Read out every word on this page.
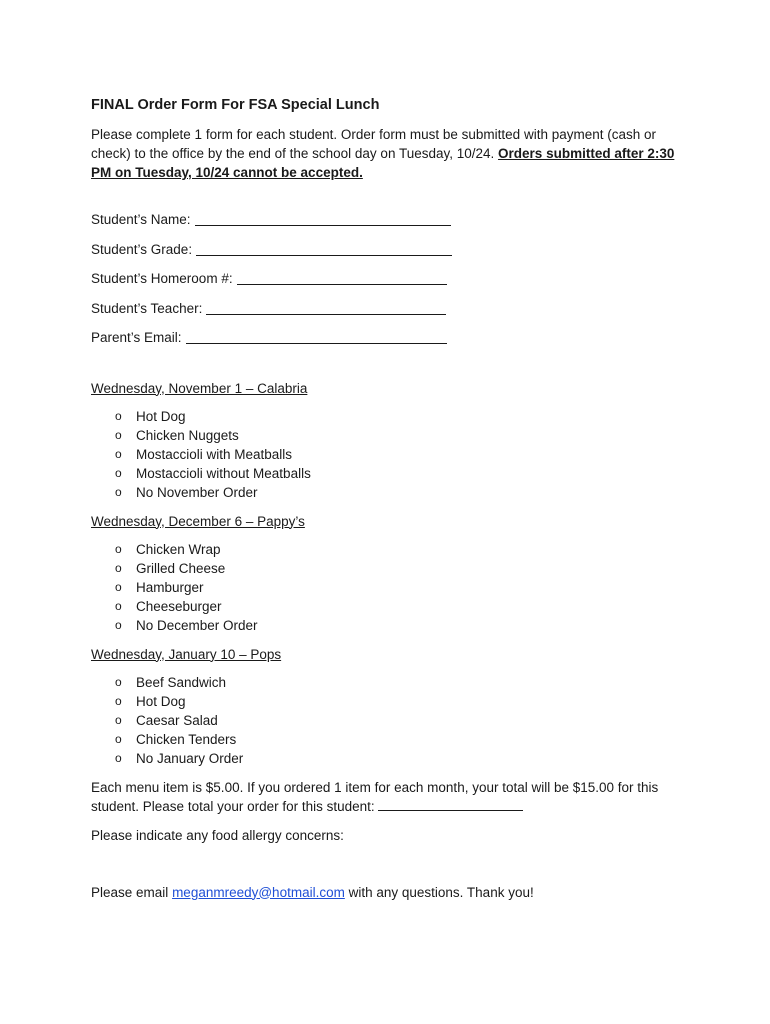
FINAL Order Form For FSA Special Lunch
Please complete 1 form for each student. Order form must be submitted with payment (cash or check) to the office by the end of the school day on Tuesday, 10/24. Orders submitted after 2:30 PM on Tuesday, 10/24 cannot be accepted.
Student’s Name:
Student’s Grade:
Student’s Homeroom #:
Student’s Teacher:
Parent’s Email:
Wednesday, November 1 – Calabria
o	Hot Dog
o	Chicken Nuggets
o	Mostaccioli with Meatballs
o	Mostaccioli without Meatballs
o	No November Order
Wednesday, December 6 – Pappy’s
o	Chicken Wrap
o	Grilled Cheese
o	Hamburger
o	Cheeseburger
o	No December Order
Wednesday, January 10 – Pops
o	Beef Sandwich
o	Hot Dog
o	Caesar Salad
o	Chicken Tenders
o	No January Order
Each menu item is $5.00. If you ordered 1 item for each month, your total will be $15.00 for this student. Please total your order for this student:
Please indicate any food allergy concerns:
Please email meganmreedy@hotmail.com with any questions. Thank you!
